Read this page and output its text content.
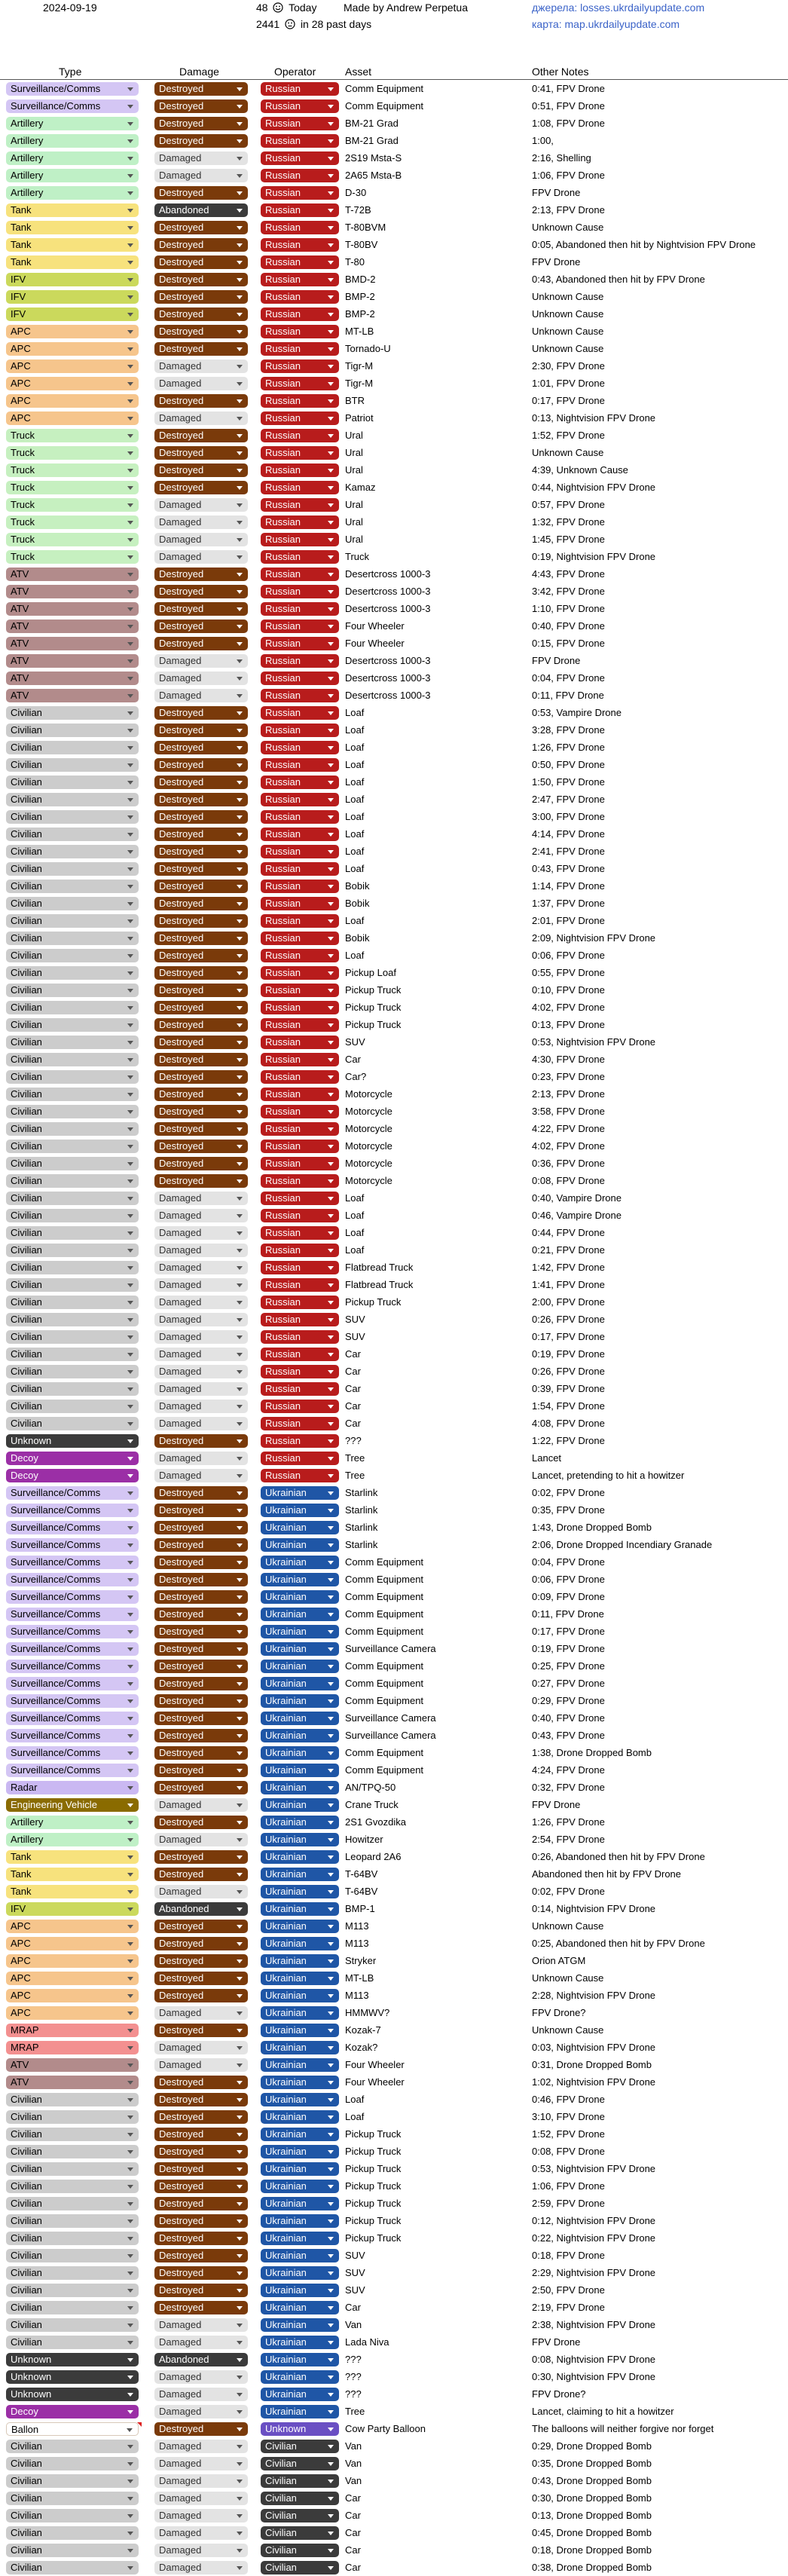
2024-09-19	48 Today
2441 in 28 past days
Made by Andrew Perpetua	джерела: losses.ukrdailyupdate.com
карта: map.ukrdailyupdate.com
Type	Damage	Operator	Asset	Other Notes
Surveillance/Comms	Destroyed	Russian	Comm Equipment	0:41, FPV Drone
Surveillance/Comms	Destroyed	Russian	Comm Equipment	0:51, FPV Drone
Artillery	Destroyed	Russian	BM-21 Grad	1:08, FPV Drone
Artillery	Destroyed	Russian	BM-21 Grad	1:00,
Artillery	Damaged	Russian	2S19 Msta-S	2:16, Shelling
Artillery	Damaged	Russian	2A65 Msta-B	1:06, FPV Drone
Artillery	Destroyed	Russian	D-30	FPV Drone
Tank	Abandoned	Russian	T-72B	2:13, FPV Drone
Tank	Destroyed	Russian	T-80BVM	Unknown Cause
Tank	Destroyed	Russian	T-80BV	0:05, Abandoned then hit by Nightvision FPV Drone
Tank	Destroyed	Russian	T-80	FPV Drone
IFV	Destroyed	Russian	BMD-2	0:43, Abandoned then hit by FPV Drone
IFV	Destroyed	Russian	BMP-2	Unknown Cause
IFV	Destroyed	Russian	BMP-2	Unknown Cause
APC	Destroyed	Russian	MT-LB	Unknown Cause
APC	Destroyed	Russian	Tornado-U	Unknown Cause
APC	Damaged	Russian	Tigr-M	2:30, FPV Drone
APC	Damaged	Russian	Tigr-M	1:01, FPV Drone
APC	Destroyed	Russian	BTR	0:17, FPV Drone
APC	Damaged	Russian	Patriot	0:13, Nightvision FPV Drone
Truck	Destroyed	Russian	Ural	1:52, FPV Drone
Truck	Destroyed	Russian	Ural	Unknown Cause
Truck	Destroyed	Russian	Ural	4:39, Unknown Cause
Truck	Destroyed	Russian	Kamaz	0:44, Nightvision FPV Drone
Truck	Damaged	Russian	Ural	0:57, FPV Drone
Truck	Damaged	Russian	Ural	1:32, FPV Drone
Truck	Damaged	Russian	Ural	1:45, FPV Drone
Truck	Damaged	Russian	Truck	0:19, Nightvision FPV Drone
ATV	Destroyed	Russian	Desertcross 1000-3	4:43, FPV Drone
ATV	Destroyed	Russian	Desertcross 1000-3	3:42, FPV Drone
ATV	Destroyed	Russian	Desertcross 1000-3	1:10, FPV Drone
ATV	Destroyed	Russian	Four Wheeler	0:40, FPV Drone
ATV	Destroyed	Russian	Four Wheeler	0:15, FPV Drone
ATV	Damaged	Russian	Desertcross 1000-3	FPV Drone
ATV	Damaged	Russian	Desertcross 1000-3	0:04, FPV Drone
ATV	Damaged	Russian	Desertcross 1000-3	0:11, FPV Drone
Civilian	Destroyed	Russian	Loaf	0:53, Vampire Drone
Civilian	Destroyed	Russian	Loaf	3:28, FPV Drone
Civilian	Destroyed	Russian	Loaf	1:26, FPV Drone
Civilian	Destroyed	Russian	Loaf	0:50, FPV Drone
Civilian	Destroyed	Russian	Loaf	1:50, FPV Drone
Civilian	Destroyed	Russian	Loaf	2:47, FPV Drone
Civilian	Destroyed	Russian	Loaf	3:00, FPV Drone
Civilian	Destroyed	Russian	Loaf	4:14, FPV Drone
Civilian	Destroyed	Russian	Loaf	2:41, FPV Drone
Civilian	Destroyed	Russian	Loaf	0:43, FPV Drone
Civilian	Destroyed	Russian	Bobik	1:14, FPV Drone
Civilian	Destroyed	Russian	Bobik	1:37, FPV Drone
Civilian	Destroyed	Russian	Loaf	2:01, FPV Drone
Civilian	Destroyed	Russian	Bobik	2:09, Nightvision FPV Drone
Civilian	Destroyed	Russian	Loaf	0:06, FPV Drone
Civilian	Destroyed	Russian	Pickup Loaf	0:55, FPV Drone
Civilian	Destroyed	Russian	Pickup Truck	0:10, FPV Drone
Civilian	Destroyed	Russian	Pickup Truck	4:02, FPV Drone
Civilian	Destroyed	Russian	Pickup Truck	0:13, FPV Drone
Civilian	Destroyed	Russian	SUV	0:53, Nightvision FPV Drone
Civilian	Destroyed	Russian	Car	4:30, FPV Drone
Civilian	Destroyed	Russian	Car?	0:23, FPV Drone
Civilian	Destroyed	Russian	Motorcycle	2:13, FPV Drone
Civilian	Destroyed	Russian	Motorcycle	3:58, FPV Drone
Civilian	Destroyed	Russian	Motorcycle	4:22, FPV Drone
Civilian	Destroyed	Russian	Motorcycle	4:02, FPV Drone
Civilian	Destroyed	Russian	Motorcycle	0:36, FPV Drone
Civilian	Destroyed	Russian	Motorcycle	0:08, FPV Drone
Civilian	Damaged	Russian	Loaf	0:40, Vampire Drone
Civilian	Damaged	Russian	Loaf	0:46, Vampire Drone
Civilian	Damaged	Russian	Loaf	0:44, FPV Drone
Civilian	Damaged	Russian	Loaf	0:21, FPV Drone
Civilian	Damaged	Russian	Flatbread Truck	1:42, FPV Drone
Civilian	Damaged	Russian	Flatbread Truck	1:41, FPV Drone
Civilian	Damaged	Russian	Pickup Truck	2:00, FPV Drone
Civilian	Damaged	Russian	SUV	0:26, FPV Drone
Civilian	Damaged	Russian	SUV	0:17, FPV Drone
Civilian	Damaged	Russian	Car	0:19, FPV Drone
Civilian	Damaged	Russian	Car	0:26, FPV Drone
Civilian	Damaged	Russian	Car	0:39, FPV Drone
Civilian	Damaged	Russian	Car	1:54, FPV Drone
Civilian	Damaged	Russian	Car	4:08, FPV Drone
Unknown	Destroyed	Russian	???	1:22, FPV Drone
Decoy	Damaged	Russian	Tree	Lancet
Decoy	Damaged	Russian	Tree	Lancet, pretending to hit a howitzer
Surveillance/Comms	Destroyed	Ukrainian	Starlink	0:02, FPV Drone
Surveillance/Comms	Destroyed	Ukrainian	Starlink	0:35, FPV Drone
Surveillance/Comms	Destroyed	Ukrainian	Starlink	1:43, Drone Dropped Bomb
Surveillance/Comms	Destroyed	Ukrainian	Starlink	2:06, Drone Dropped Incendiary Granade
Surveillance/Comms	Destroyed	Ukrainian	Comm Equipment	0:04, FPV Drone
Surveillance/Comms	Destroyed	Ukrainian	Comm Equipment	0:06, FPV Drone
Surveillance/Comms	Destroyed	Ukrainian	Comm Equipment	0:09, FPV Drone
Surveillance/Comms	Destroyed	Ukrainian	Comm Equipment	0:11, FPV Drone
Surveillance/Comms	Destroyed	Ukrainian	Comm Equipment	0:17, FPV Drone
Surveillance/Comms	Destroyed	Ukrainian	Surveillance Camera	0:19, FPV Drone
Surveillance/Comms	Destroyed	Ukrainian	Comm Equipment	0:25, FPV Drone
Surveillance/Comms	Destroyed	Ukrainian	Comm Equipment	0:27, FPV Drone
Surveillance/Comms	Destroyed	Ukrainian	Comm Equipment	0:29, FPV Drone
Surveillance/Comms	Destroyed	Ukrainian	Surveillance Camera	0:40, FPV Drone
Surveillance/Comms	Destroyed	Ukrainian	Surveillance Camera	0:43, FPV Drone
Surveillance/Comms	Destroyed	Ukrainian	Comm Equipment	1:38, Drone Dropped Bomb
Surveillance/Comms	Destroyed	Ukrainian	Comm Equipment	4:24, FPV Drone
Radar	Destroyed	Ukrainian	AN/TPQ-50	0:32, FPV Drone
Engineering Vehicle	Damaged	Ukrainian	Crane Truck	FPV Drone
Artillery	Destroyed	Ukrainian	2S1 Gvozdika	1:26, FPV Drone
Artillery	Damaged	Ukrainian	Howitzer	2:54, FPV Drone
Tank	Destroyed	Ukrainian	Leopard 2A6	0:26, Abandoned then hit by FPV Drone
Tank	Destroyed	Ukrainian	T-64BV	Abandoned then hit by FPV Drone
Tank	Damaged	Ukrainian	T-64BV	0:02, FPV Drone
IFV	Abandoned	Ukrainian	BMP-1	0:14, Nightvision FPV Drone
APC	Destroyed	Ukrainian	M113	Unknown Cause
APC	Destroyed	Ukrainian	M113	0:25, Abandoned then hit by FPV Drone
APC	Destroyed	Ukrainian	Stryker	Orion ATGM
APC	Destroyed	Ukrainian	MT-LB	Unknown Cause
APC	Destroyed	Ukrainian	M113	2:28, Nightvision FPV Drone
APC	Damaged	Ukrainian	HMMWV?	FPV Drone?
MRAP	Destroyed	Ukrainian	Kozak-7	Unknown Cause
MRAP	Damaged	Ukrainian	Kozak?	0:03, Nightvision FPV Drone
ATV	Damaged	Ukrainian	Four Wheeler	0:31, Drone Dropped Bomb
ATV	Destroyed	Ukrainian	Four Wheeler	1:02, Nightvision FPV Drone
Civilian	Destroyed	Ukrainian	Loaf	0:46, FPV Drone
Civilian	Destroyed	Ukrainian	Loaf	3:10, FPV Drone
Civilian	Destroyed	Ukrainian	Pickup Truck	1:52, FPV Drone
Civilian	Destroyed	Ukrainian	Pickup Truck	0:08, FPV Drone
Civilian	Destroyed	Ukrainian	Pickup Truck	0:53, Nightvision FPV Drone
Civilian	Destroyed	Ukrainian	Pickup Truck	1:06, FPV Drone
Civilian	Destroyed	Ukrainian	Pickup Truck	2:59, FPV Drone
Civilian	Destroyed	Ukrainian	Pickup Truck	0:12, Nightvision FPV Drone
Civilian	Destroyed	Ukrainian	Pickup Truck	0:22, Nightvision FPV Drone
Civilian	Destroyed	Ukrainian	SUV	0:18, FPV Drone
Civilian	Destroyed	Ukrainian	SUV	2:29, Nightvision FPV Drone
Civilian	Destroyed	Ukrainian	SUV	2:50, FPV Drone
Civilian	Destroyed	Ukrainian	Car	2:19, FPV Drone
Civilian	Damaged	Ukrainian	Van	2:38, Nightvision FPV Drone
Civilian	Damaged	Ukrainian	Lada Niva	FPV Drone
Unknown	Abandoned	Ukrainian	???	0:08, Nightvision FPV Drone
Unknown	Damaged	Ukrainian	???	0:30, Nightvision FPV Drone
Unknown	Damaged	Ukrainian	???	FPV Drone?
Decoy	Damaged	Ukrainian	Tree	Lancet, claiming to hit a howitzer
Ballon	Destroyed	Unknown	Cow Party Balloon	The balloons will neither forgive nor forget
Civilian	Damaged	Civilian	Van	0:29, Drone Dropped Bomb
Civilian	Damaged	Civilian	Van	0:35, Drone Dropped Bomb
Civilian	Damaged	Civilian	Van	0:43, Drone Dropped Bomb
Civilian	Damaged	Civilian	Car	0:30, Drone Dropped Bomb
Civilian	Damaged	Civilian	Car	0:13, Drone Dropped Bomb
Civilian	Damaged	Civilian	Car	0:45, Drone Dropped Bomb
Civilian	Damaged	Civilian	Car	0:18, Drone Dropped Bomb
Civilian	Damaged	Civilian	Car	0:38, Drone Dropped Bomb
